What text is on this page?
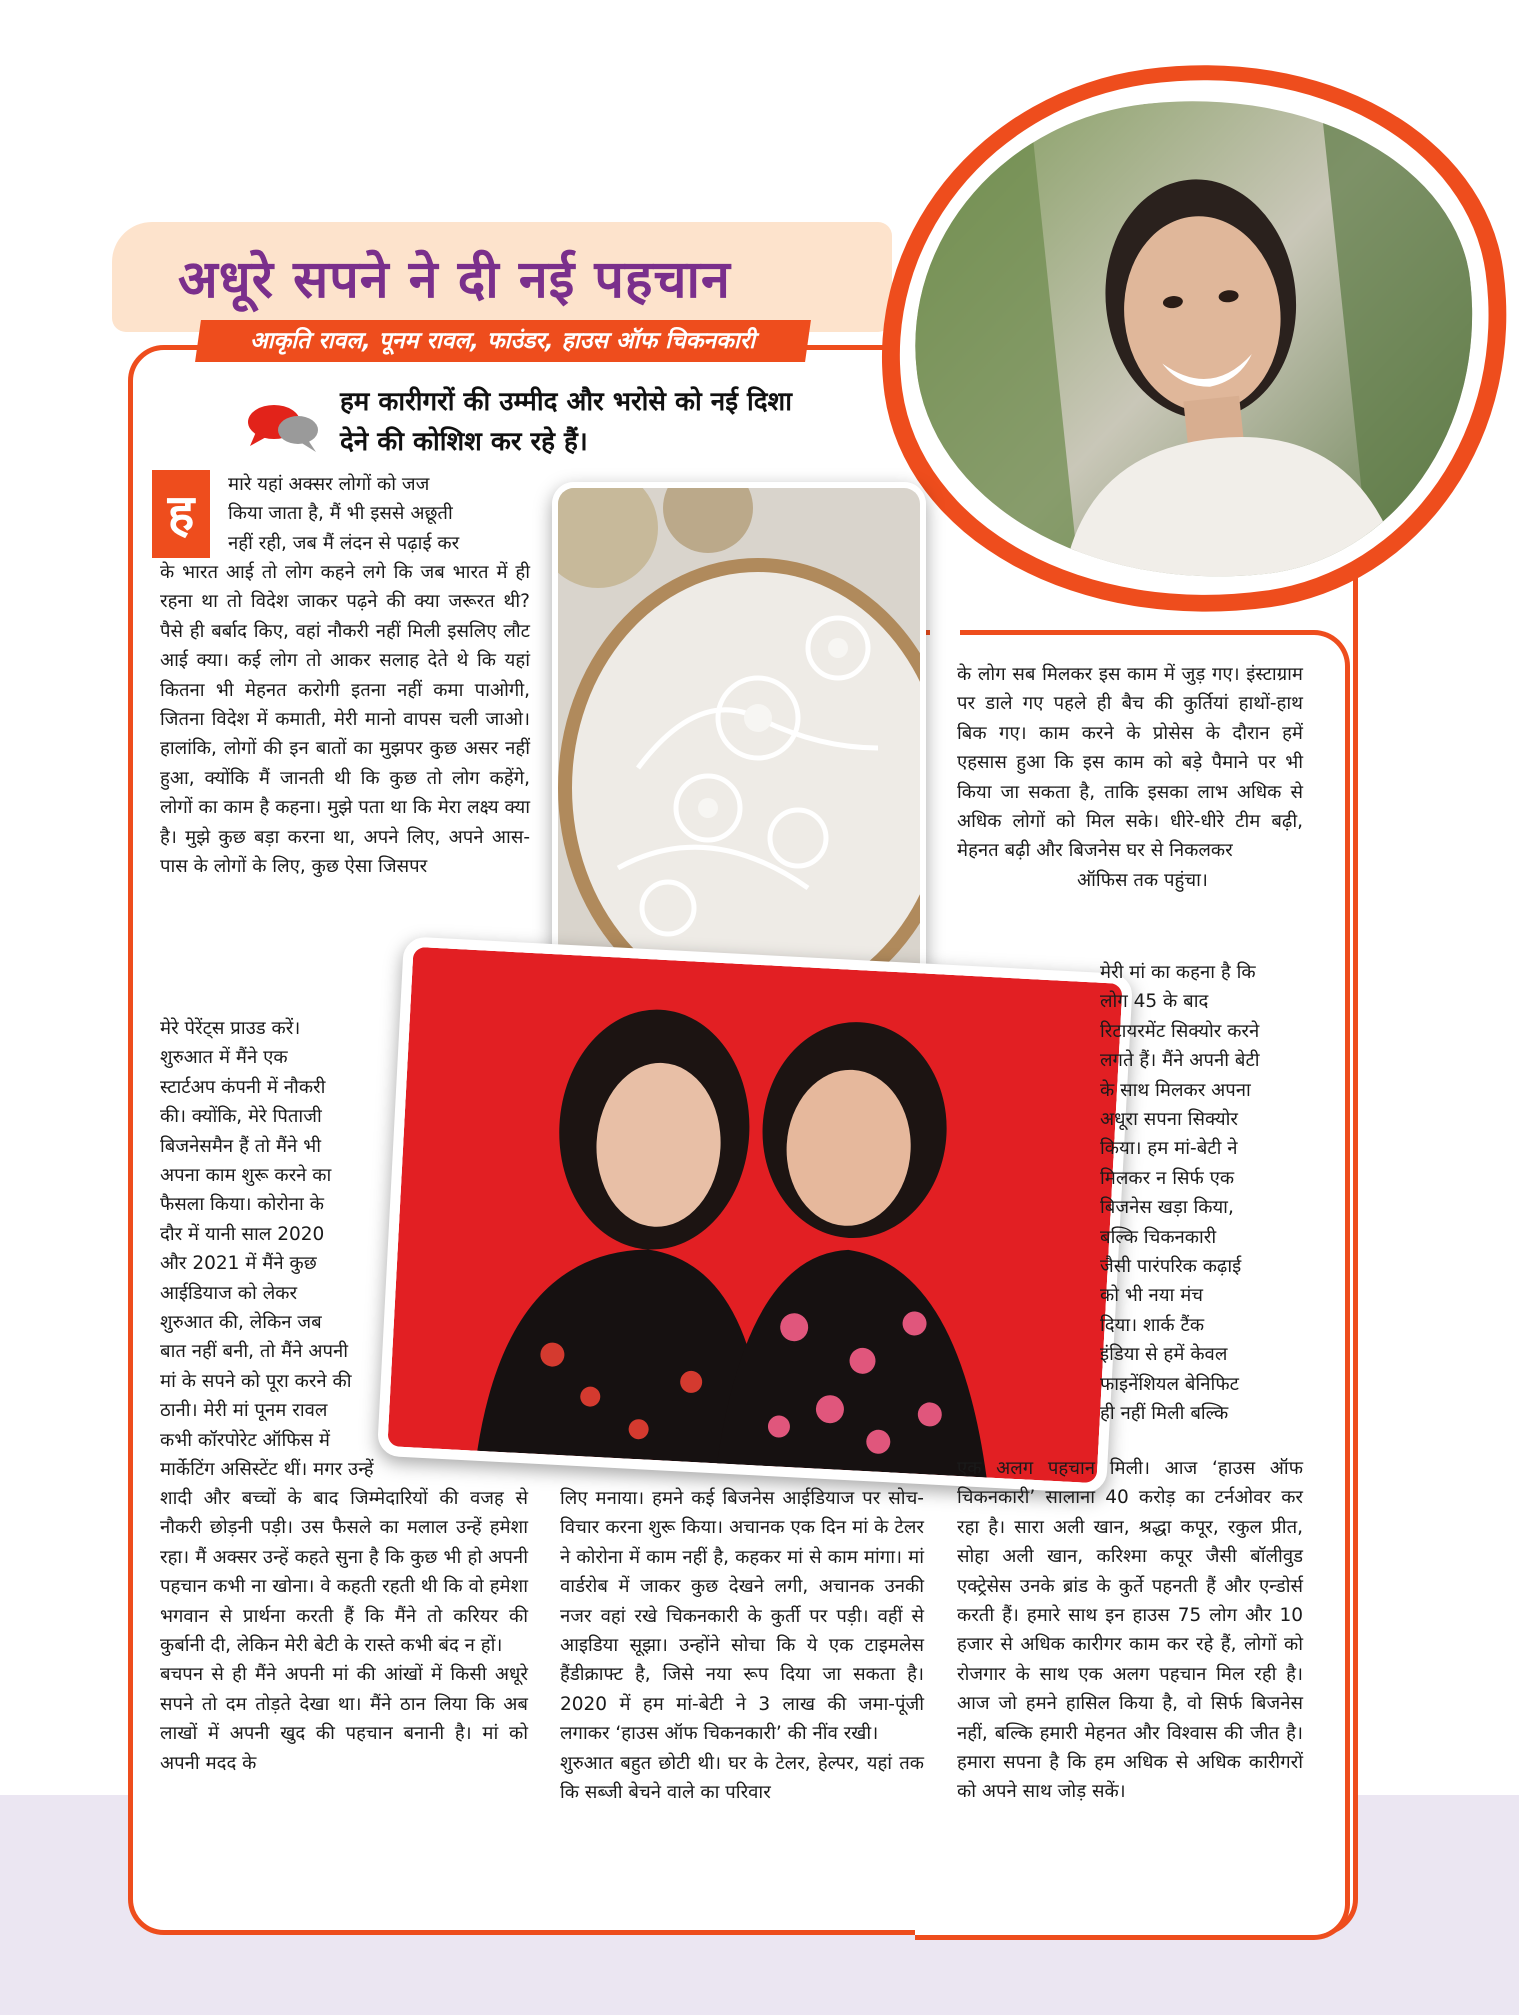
अधूरे सपने ने दी नई पहचान
आकृति रावल, पूनम रावल, फाउंडर, हाउस ऑफ चिकनकारी
हम कारीगरों की उम्मीद और भरोसे को नई दिशा देने की कोशिश कर रहे हैं।
ह	मारे यहां अक्सर लोगों को जज
किया जाता है, मैं भी इससे अछूती
नहीं रही, जब मैं लंदन से पढ़ाई कर

के भारत आई तो लोग कहने लगे कि जब भारत में ही रहना था तो विदेश जाकर पढ़ने की क्या जरूरत थी? पैसे ही बर्बाद किए, वहां नौकरी नहीं मिली इसलिए लौट आई क्या। कई लोग तो आकर सलाह देते थे कि यहां कितना भी मेहनत करोगी इतना नहीं कमा पाओगी, जितना विदेश में कमाती, मेरी मानो वापस चली जाओ। हालांकि, लोगों की इन बातों का मुझपर कुछ असर नहीं हुआ, क्योंकि मैं जानती थी कि कुछ तो लोग कहेंगे, लोगों का काम है कहना। मुझे पता था कि मेरा लक्ष्य क्या है। मुझे कुछ बड़ा करना था, अपने लिए, अपने आस-पास के लोगों के लिए, कुछ ऐसा जिसपर

मेरे पेरेंट्स प्राउड करें।
शुरुआत में मैंने एक
स्टार्टअप कंपनी में नौकरी
की। क्योंकि, मेरे पिताजी
बिजनेसमैन हैं तो मैंने भी
अपना काम शुरू करने का
फैसला किया। कोरोना के
दौर में यानी साल 2020
और 2021 में मैंने कुछ
आईडियाज को लेकर
शुरुआत की, लेकिन जब
बात नहीं बनी, तो मैंने अपनी
मां के सपने को पूरा करने की
ठानी। मेरी मां पूनम रावल
कभी कॉरपोरेट ऑफिस में
मार्केटिंग असिस्टेंट थीं। मगर उन्हें

शादी और बच्चों के बाद जिम्मेदारियों की वजह से नौकरी छोड़नी पड़ी। उस फैसले का मलाल उन्हें हमेशा रहा। मैं अक्सर उन्हें कहते सुना है कि कुछ भी हो अपनी पहचान कभी ना खोना। वे कहती रहती थी कि वो हमेशा भगवान से प्रार्थना करती हैं कि मैंने तो करियर की कुर्बानी दी, लेकिन मेरी बेटी के रास्ते कभी बंद न हों।

बचपन से ही मैंने अपनी मां की आंखों में किसी अधूरे सपने तो दम तोड़ते देखा था। मैंने ठान लिया कि अब लाखों में अपनी खुद की पहचान बनानी है। मां को अपनी मदद के

लिए मनाया। हमने कई बिजनेस आईडियाज पर सोच-विचार करना शुरू किया। अचानक एक दिन मां के टेलर ने कोरोना में काम नहीं है, कहकर मां से काम मांगा। मां वार्डरोब में जाकर कुछ देखने लगी, अचानक उनकी नजर वहां रखे चिकनकारी के कुर्ती पर पड़ी। वहीं से आइडिया सूझा। उन्होंने सोचा कि ये एक टाइमलेस हैंडीक्राफ्ट है, जिसे नया रूप दिया जा सकता है। 2020 में हम मां-बेटी ने 3 लाख की जमा-पूंजी लगाकर ‘हाउस ऑफ चिकनकारी’ की नींव रखी।

शुरुआत बहुत छोटी थी। घर के टेलर, हेल्पर, यहां तक कि सब्जी बेचने वाले का परिवार

के लोग सब मिलकर इस काम में जुड़ गए। इंस्टाग्राम पर डाले गए पहले ही बैच की कुर्तियां हाथों-हाथ बिक गए। काम करने के प्रोसेस के दौरान हमें एहसास हुआ कि इस काम को बड़े पैमाने पर भी किया जा सकता है, ताकि इसका लाभ अधिक से अधिक लोगों को मिल सके। धीरे-धीरे टीम बढ़ी, मेहनत बढ़ी और बिजनेस घर से निकलकर

ऑफिस तक पहुंचा।

मेरी मां का कहना है कि
लोग 45 के बाद
रिटायरमेंट सिक्योर करने
लगते हैं। मैंने अपनी बेटी
के साथ मिलकर अपना
अधूरा सपना सिक्योर
किया। हम मां-बेटी ने
मिलकर न सिर्फ एक
बिजनेस खड़ा किया,
बल्कि चिकनकारी
जैसी पारंपरिक कढ़ाई
को भी नया मंच
दिया। शार्क टैंक
इंडिया से हमें केवल
फाइनेंशियल बेनिफिट
ही नहीं मिली बल्कि

एक अलग पहचान मिली। आज ‘हाउस ऑफ चिकनकारी’ सालाना 40 करोड़ का टर्नओवर कर रहा है। सारा अली खान, श्रद्धा कपूर, रकुल प्रीत, सोहा अली खान, करिश्मा कपूर जैसी बॉलीवुड एक्ट्रेसेस उनके ब्रांड के कुर्ते पहनती हैं और एन्डोर्स करती हैं। हमारे साथ इन हाउस 75 लोग और 10 हजार से अधिक कारीगर काम कर रहे हैं, लोगों को रोजगार के साथ एक अलग पहचान मिल रही है। आज जो हमने हासिल किया है, वो सिर्फ बिजनेस नहीं, बल्कि हमारी मेहनत और विश्वास की जीत है। हमारा सपना है कि हम अधिक से अधिक कारीगरों को अपने साथ जोड़ सकें।
